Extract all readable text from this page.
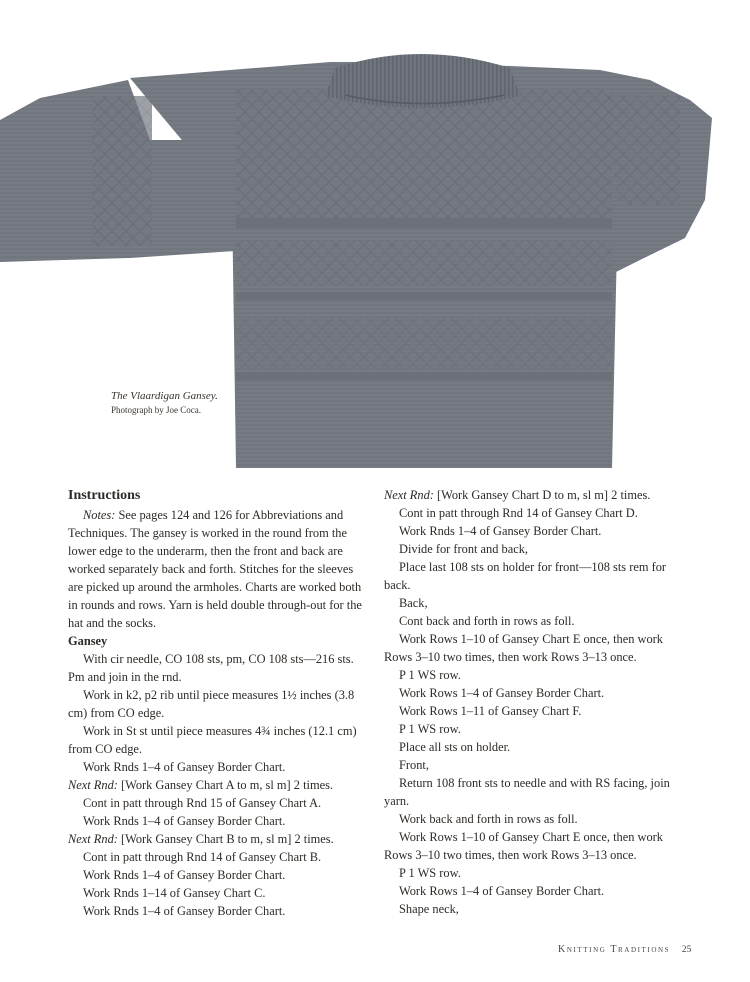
The Vlaardigan Gansey.
Photograph by Joe Coca.

Instructions

Notes: See pages 124 and 126 for Abbreviations and Techniques. The gansey is worked in the round from the lower edge to the underarm, then the front and back are worked separately back and forth. Stitches for the sleeves are picked up around the armholes. Charts are worked both in rounds and rows. Yarn is held double through-out for the hat and the socks.

Gansey

With cir needle, CO 108 sts, pm, CO 108 sts—216 sts. Pm and join in the rnd.

Work in k2, p2 rib until piece measures 1½ inches (3.8 cm) from CO edge.

Work in St st until piece measures 4¾ inches (12.1 cm) from CO edge.

Work Rnds 1–4 of Gansey Border Chart.

Next Rnd: [Work Gansey Chart A to m, sl m] 2 times.

Cont in patt through Rnd 15 of Gansey Chart A.

Work Rnds 1–4 of Gansey Border Chart.

Next Rnd: [Work Gansey Chart B to m, sl m] 2 times.

Cont in patt through Rnd 14 of Gansey Chart B.

Work Rnds 1–4 of Gansey Border Chart.

Work Rnds 1–14 of Gansey Chart C.

Work Rnds 1–4 of Gansey Border Chart.

Next Rnd: [Work Gansey Chart D to m, sl m] 2 times.

Cont in patt through Rnd 14 of Gansey Chart D.

Work Rnds 1–4 of Gansey Border Chart.

Divide for front and back,

Place last 108 sts on holder for front—108 sts rem for back.

Back,

Cont back and forth in rows as foll.

Work Rows 1–10 of Gansey Chart E once, then work Rows 3–10 two times, then work Rows 3–13 once.

P 1 WS row.

Work Rows 1–4 of Gansey Border Chart.

Work Rows 1–11 of Gansey Chart F.

P 1 WS row.

Place all sts on holder.

Front,

Return 108 front sts to needle and with RS facing, join yarn.

Work back and forth in rows as foll.

Work Rows 1–10 of Gansey Chart E once, then work Rows 3–10 two times, then work Rows 3–13 once.

P 1 WS row.

Work Rows 1–4 of Gansey Border Chart.

Shape neck,

Knitting Traditions 25
